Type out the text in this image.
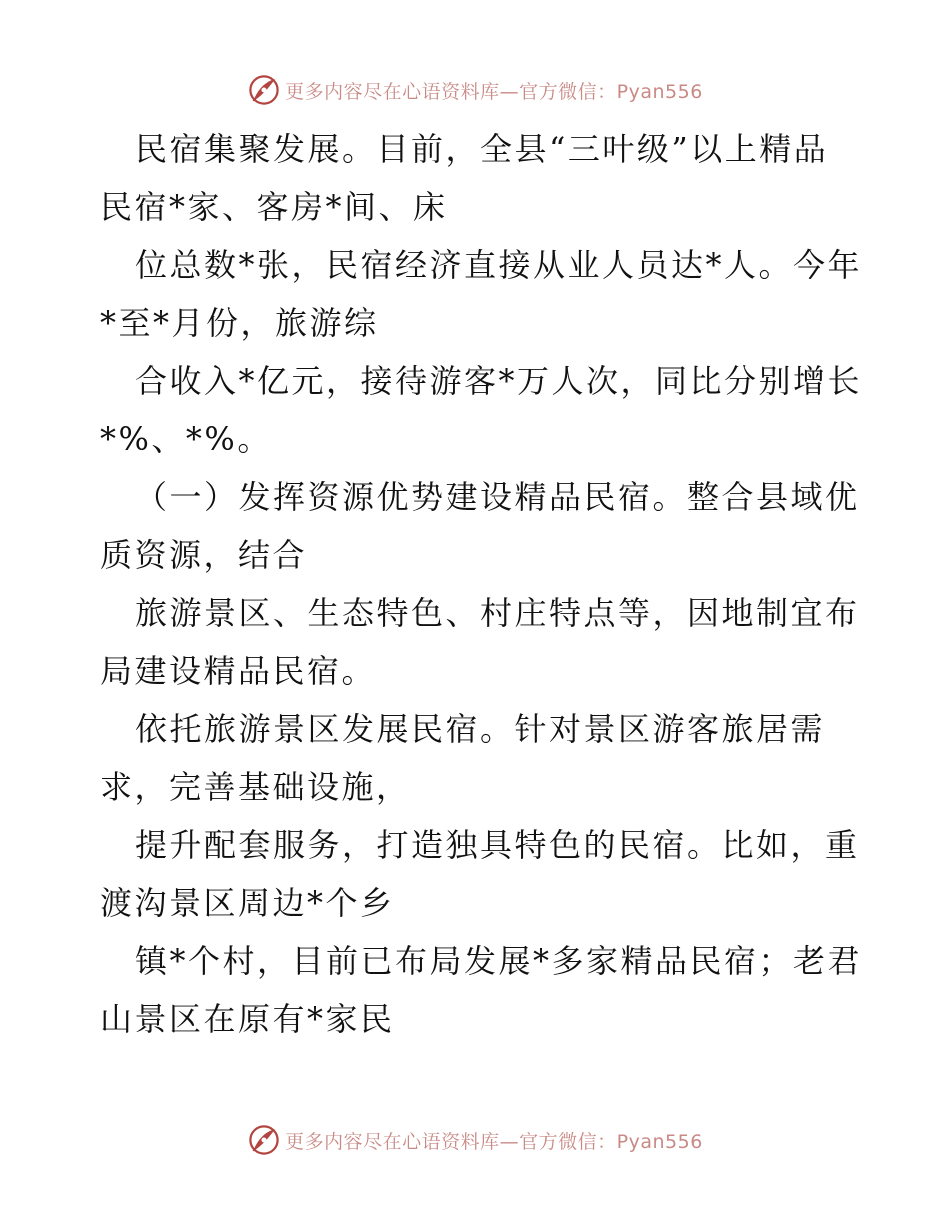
更多内容尽在心语资料库—官方微信：Pyan556

民宿集聚发展。目前，全县“三叶级”以上精品

民宿*家、客房*间、床

位总数*张，民宿经济直接从业人员达*人。今年

*至*月份，旅游综

合收入*亿元，接待游客*万人次，同比分别增长

*%、*%。

（一）发挥资源优势建设精品民宿。整合县域优

质资源，结合

旅游景区、生态特色、村庄特点等，因地制宜布

局建设精品民宿。

依托旅游景区发展民宿。针对景区游客旅居需

求，完善基础设施，

提升配套服务，打造独具特色的民宿。比如，重

渡沟景区周边*个乡

镇*个村，目前已布局发展*多家精品民宿；老君

山景区在原有*家民

更多内容尽在心语资料库—官方微信：Pyan556
